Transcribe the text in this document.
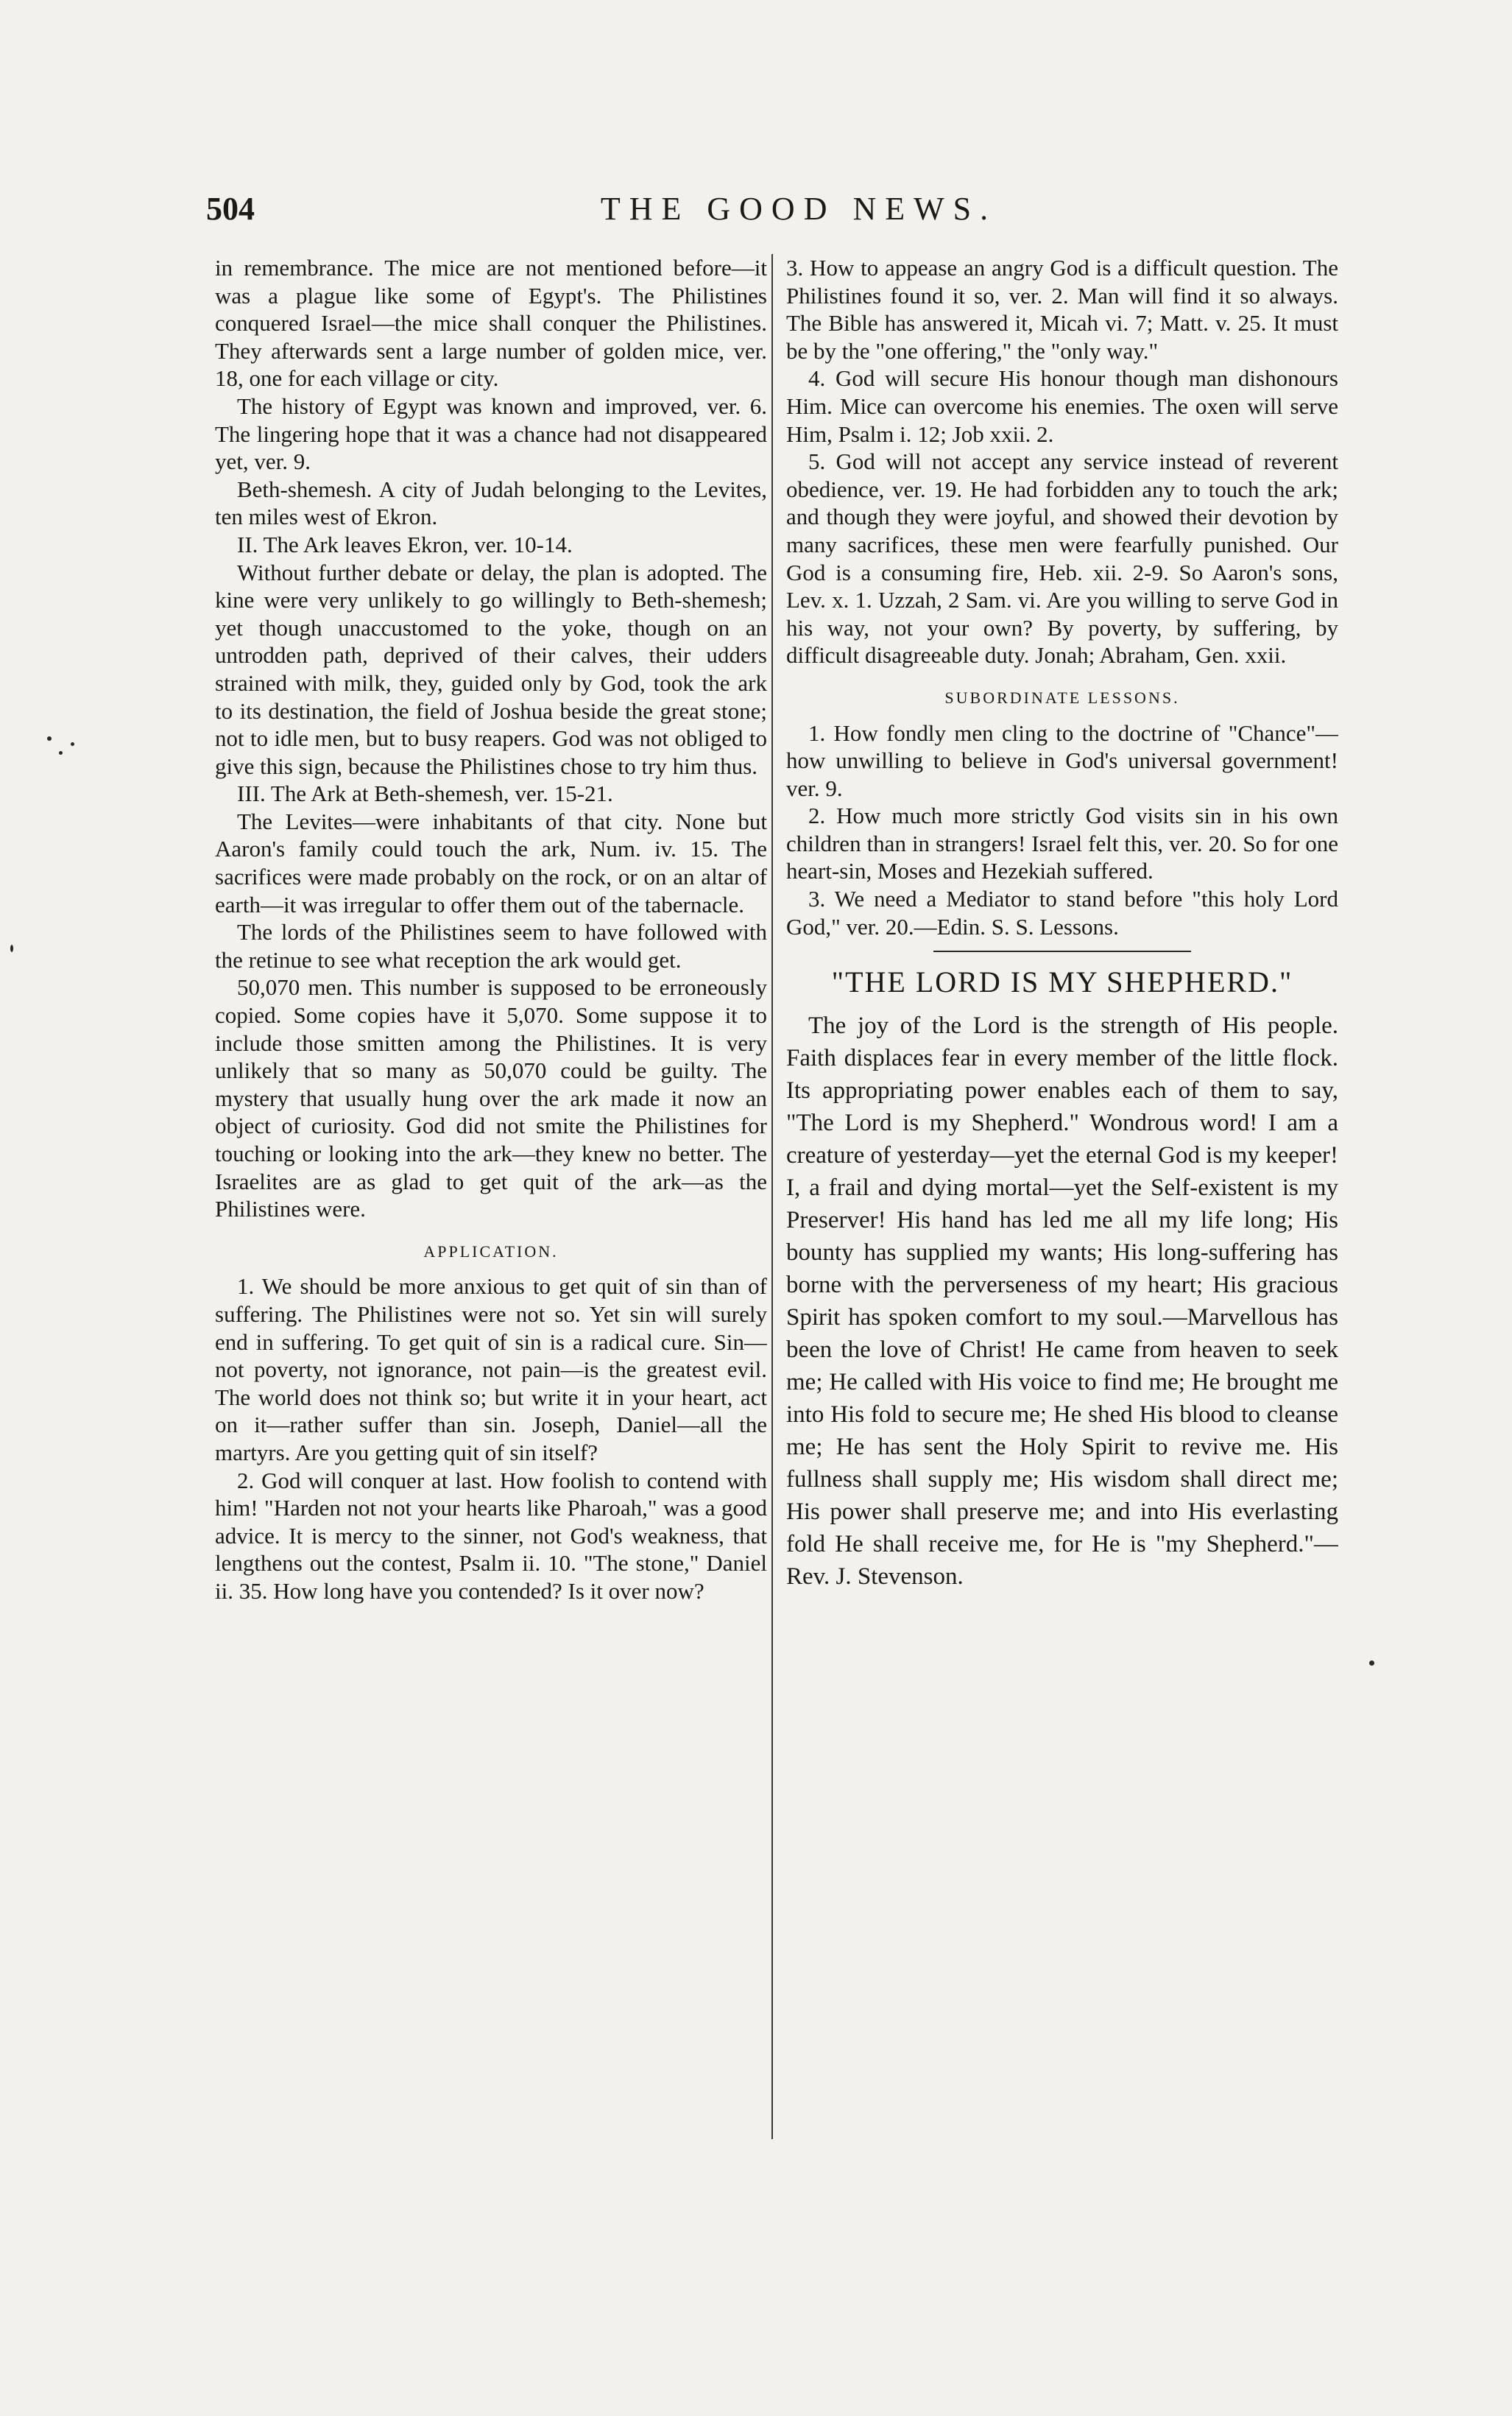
504	THE GOOD NEWS.

in remembrance. The mice are not mentioned before—it was a plague like some of Egypt's. The Philistines conquered Israel—the mice shall conquer the Philistines. They afterwards sent a large number of golden mice, ver. 18, one for each village or city.

The history of Egypt was known and improved, ver. 6. The lingering hope that it was a chance had not disappeared yet, ver. 9.

Beth-shemesh. A city of Judah belonging to the Levites, ten miles west of Ekron.

II. The Ark leaves Ekron, ver. 10-14.

Without further debate or delay, the plan is adopted. The kine were very unlikely to go willingly to Beth-shemesh; yet though unaccustomed to the yoke, though on an untrodden path, deprived of their calves, their udders strained with milk, they, guided only by God, took the ark to its destination, the field of Joshua beside the great stone; not to idle men, but to busy reapers. God was not obliged to give this sign, because the Philistines chose to try him thus.

III. The Ark at Beth-shemesh, ver. 15-21.

The Levites—were inhabitants of that city. None but Aaron's family could touch the ark, Num. iv. 15. The sacrifices were made probably on the rock, or on an altar of earth—it was irregular to offer them out of the tabernacle.

The lords of the Philistines seem to have followed with the retinue to see what reception the ark would get.

50,070 men. This number is supposed to be erroneously copied. Some copies have it 5,070. Some suppose it to include those smitten among the Philistines. It is very unlikely that so many as 50,070 could be guilty. The mystery that usually hung over the ark made it now an object of curiosity. God did not smite the Philistines for touching or looking into the ark—they knew no better. The Israelites are as glad to get quit of the ark—as the Philistines were.

APPLICATION.

1. We should be more anxious to get quit of sin than of suffering. The Philistines were not so. Yet sin will surely end in suffering. To get quit of sin is a radical cure. Sin—not poverty, not ignorance, not pain—is the greatest evil. The world does not think so; but write it in your heart, act on it—rather suffer than sin. Joseph, Daniel—all the martyrs. Are you getting quit of sin itself?

2. God will conquer at last. How foolish to contend with him! "Harden not not your hearts like Pharoah," was a good advice. It is mercy to the sinner, not God's weakness, that lengthens out the contest, Psalm ii. 10. "The stone," Daniel ii. 35. How long have you contended? Is it over now?

3. How to appease an angry God is a difficult question. The Philistines found it so, ver. 2. Man will find it so always. The Bible has answered it, Micah vi. 7; Matt. v. 25. It must be by the "one offering," the "only way."

4. God will secure His honour though man dishonours Him. Mice can overcome his enemies. The oxen will serve Him, Psalm i. 12; Job xxii. 2.

5. God will not accept any service instead of reverent obedience, ver. 19. He had forbidden any to touch the ark; and though they were joyful, and showed their devotion by many sacrifices, these men were fearfully punished. Our God is a consuming fire, Heb. xii. 2-9. So Aaron's sons, Lev. x. 1. Uzzah, 2 Sam. vi. Are you willing to serve God in his way, not your own? By poverty, by suffering, by difficult disagreeable duty. Jonah; Abraham, Gen. xxii.

SUBORDINATE LESSONS.

1. How fondly men cling to the doctrine of "Chance"—how unwilling to believe in God's universal government! ver. 9.

2. How much more strictly God visits sin in his own children than in strangers! Israel felt this, ver. 20. So for one heart-sin, Moses and Hezekiah suffered.

3. We need a Mediator to stand before "this holy Lord God," ver. 20.—Edin. S. S. Lessons.

"THE LORD IS MY SHEPHERD."

The joy of the Lord is the strength of His people. Faith displaces fear in every member of the little flock. Its appropriating power enables each of them to say, "The Lord is my Shepherd." Wondrous word! I am a creature of yesterday—yet the eternal God is my keeper! I, a frail and dying mortal—yet the Self-existent is my Preserver! His hand has led me all my life long; His bounty has supplied my wants; His long-suffering has borne with the perverseness of my heart; His gracious Spirit has spoken comfort to my soul.—Marvellous has been the love of Christ! He came from heaven to seek me; He called with His voice to find me; He brought me into His fold to secure me; He shed His blood to cleanse me; He has sent the Holy Spirit to revive me. His fullness shall supply me; His wisdom shall direct me; His power shall preserve me; and into His everlasting fold He shall receive me, for He is "my Shepherd."—Rev. J. Stevenson.
